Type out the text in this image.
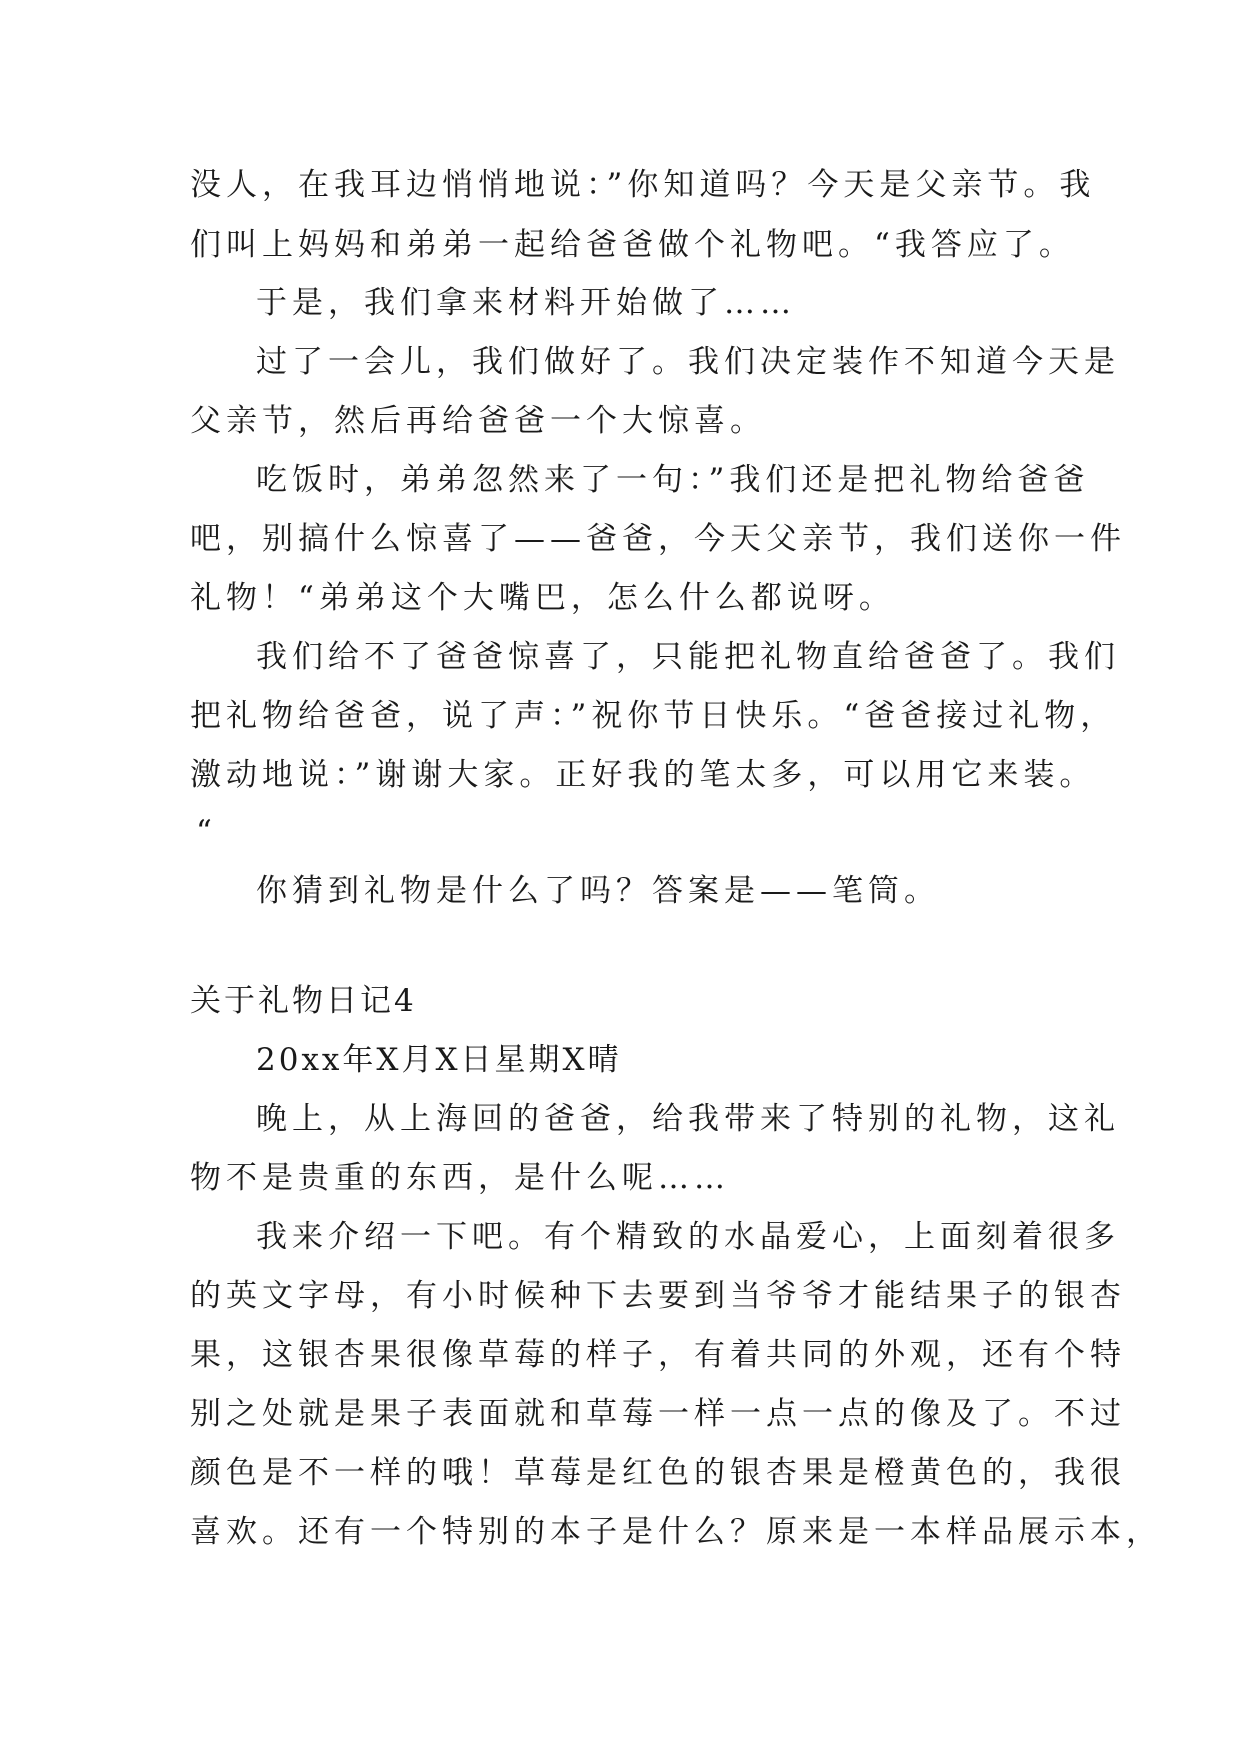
没人，在我耳边悄悄地说：”你知道吗？今天是父亲节。我
们叫上妈妈和弟弟一起给爸爸做个礼物吧。“我答应了。
于是，我们拿来材料开始做了……
过了一会儿，我们做好了。我们决定装作不知道今天是
父亲节，然后再给爸爸一个大惊喜。
吃饭时，弟弟忽然来了一句：”我们还是把礼物给爸爸
吧，别搞什么惊喜了——爸爸，今天父亲节，我们送你一件
礼物！“弟弟这个大嘴巴，怎么什么都说呀。
我们给不了爸爸惊喜了，只能把礼物直给爸爸了。我们
把礼物给爸爸，说了声：”祝你节日快乐。“爸爸接过礼物，
激动地说：”谢谢大家。正好我的笔太多，可以用它来装。
“
你猜到礼物是什么了吗？答案是——笔筒。
关于礼物日记4
20xx年X月X日星期X晴
晚上，从上海回的爸爸，给我带来了特别的礼物，这礼
物不是贵重的东西，是什么呢……
我来介绍一下吧。有个精致的水晶爱心，上面刻着很多
的英文字母，有小时候种下去要到当爷爷才能结果子的银杏
果，这银杏果很像草莓的样子，有着共同的外观，还有个特
别之处就是果子表面就和草莓一样一点一点的像及了。不过
颜色是不一样的哦！草莓是红色的银杏果是橙黄色的，我很
喜欢。还有一个特别的本子是什么？原来是一本样品展示本，
